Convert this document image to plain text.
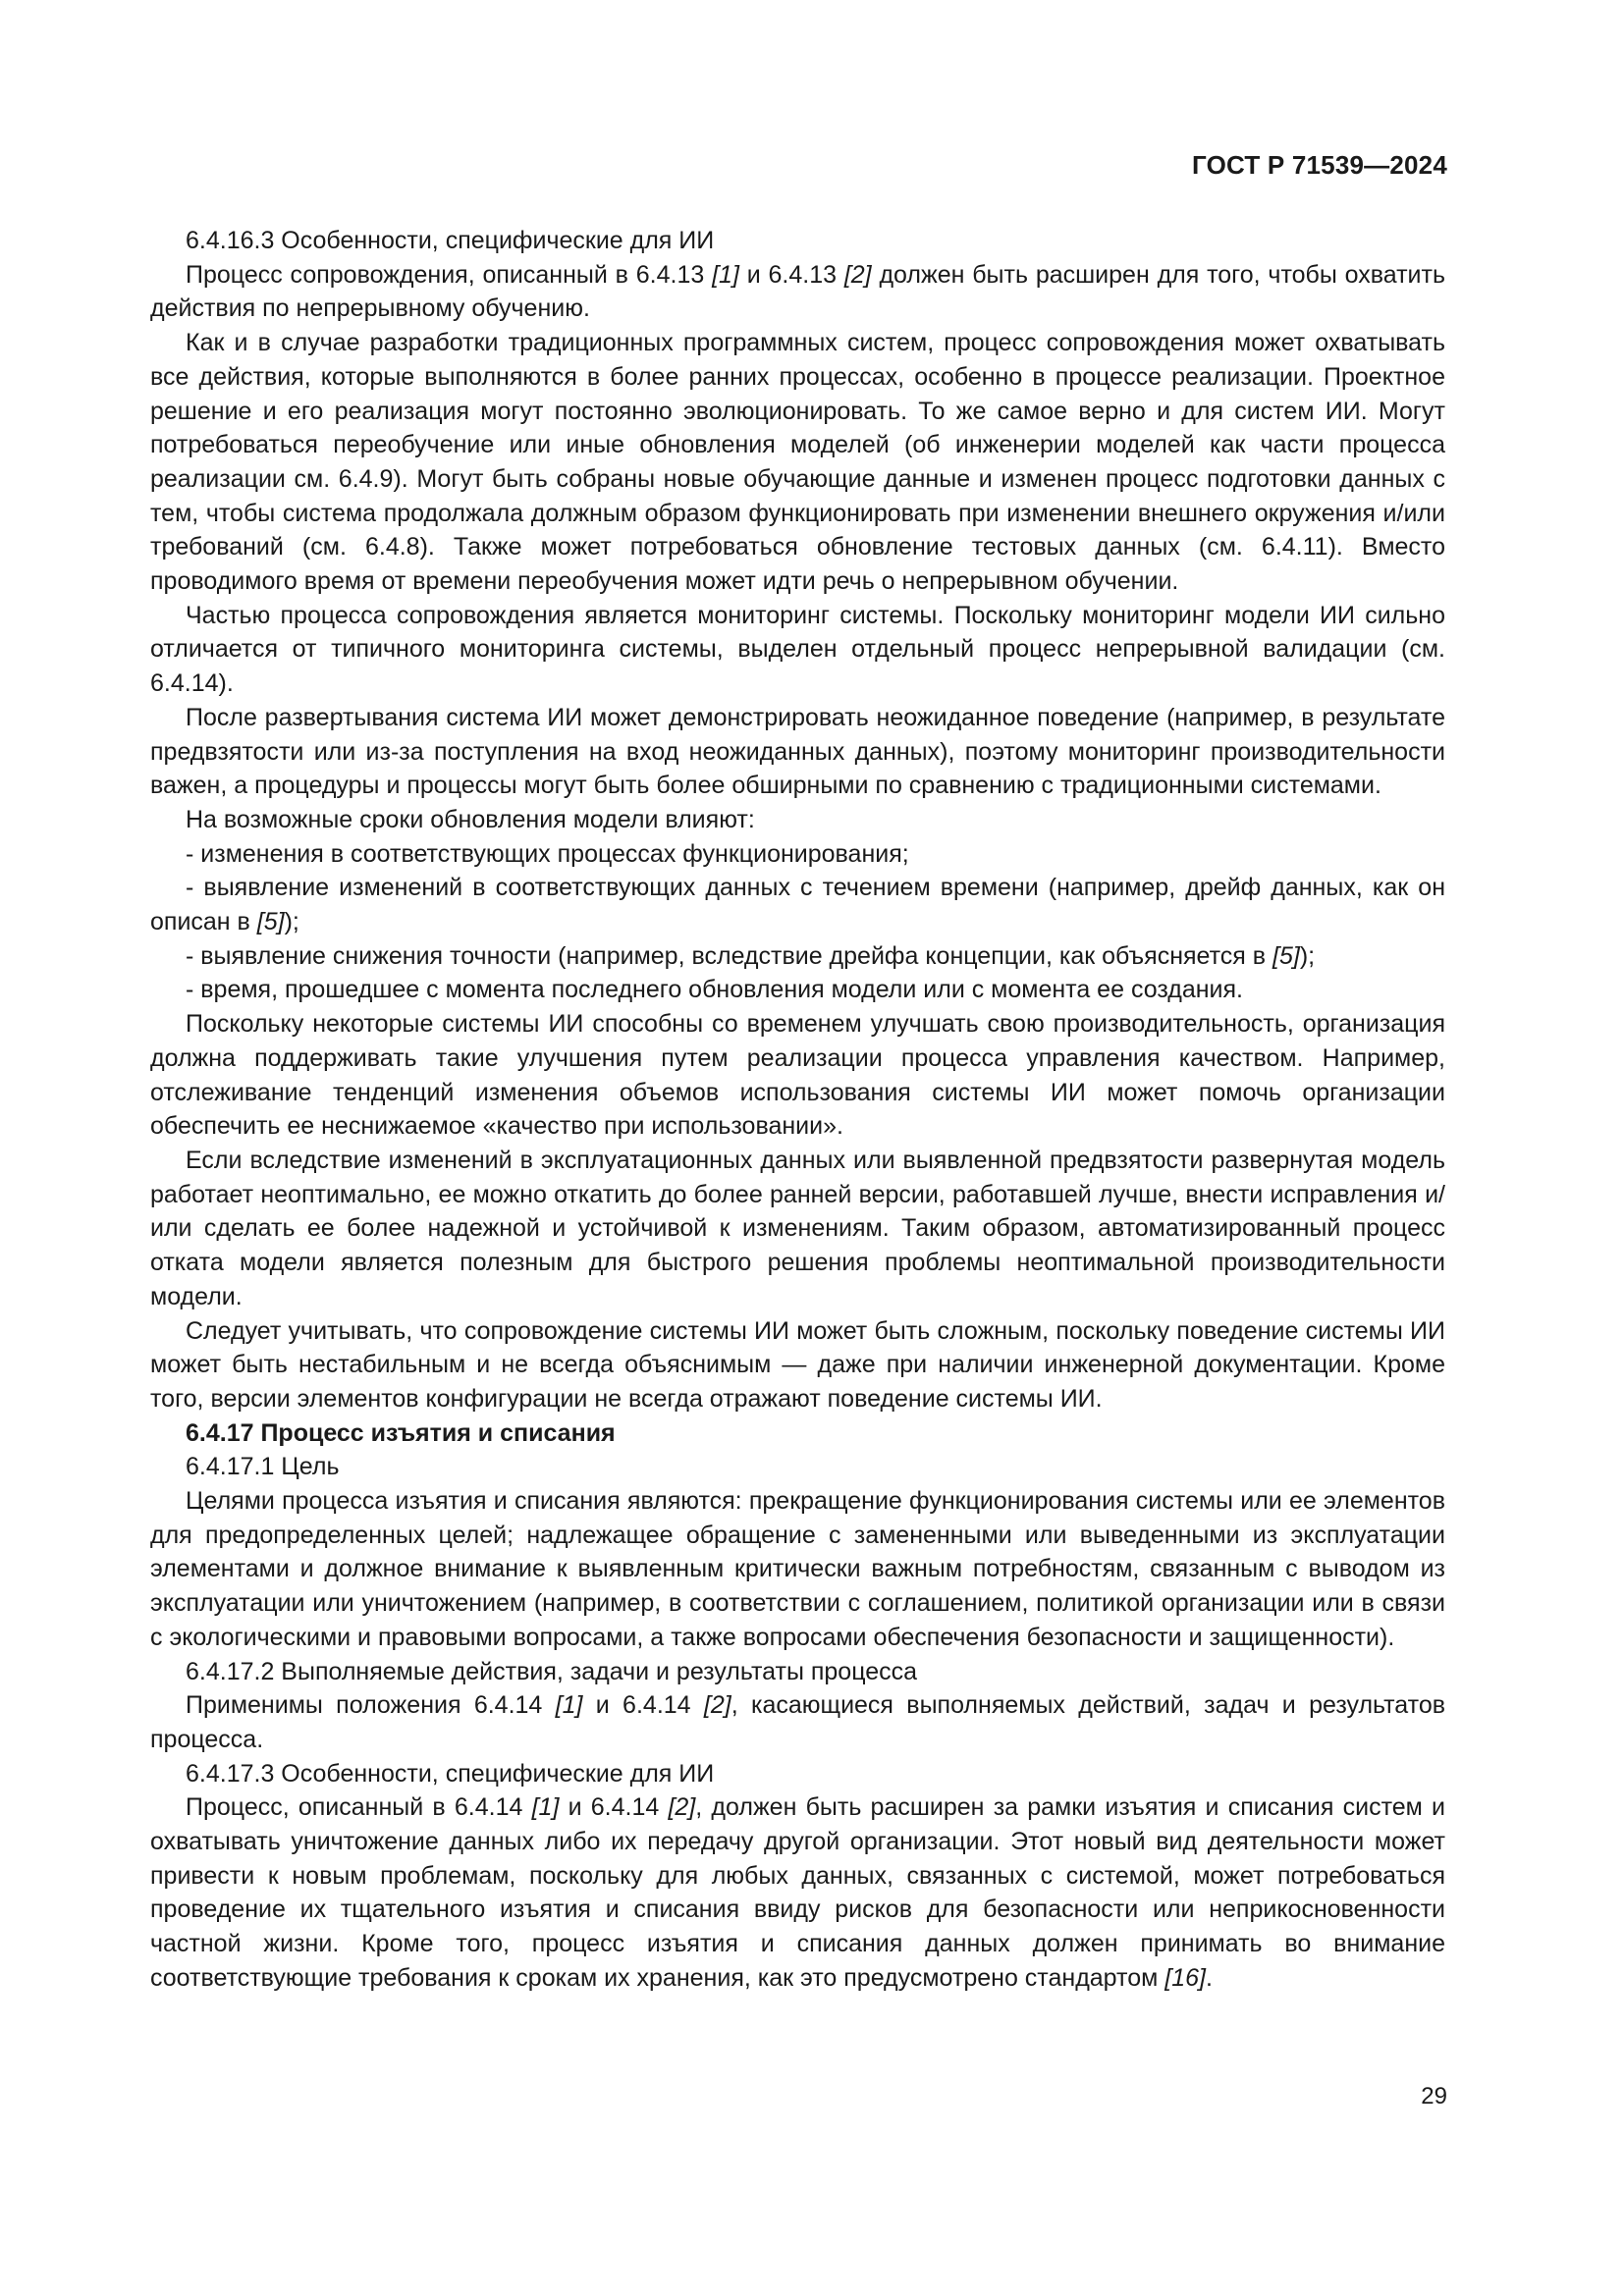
ГОСТ Р 71539—2024

6.4.16.3 Особенности, специфические для ИИ

Процесс сопровождения, описанный в 6.4.13 [1] и 6.4.13 [2] должен быть расширен для того, чтобы охватить действия по непрерывному обучению.

Как и в случае разработки традиционных программных систем, процесс сопровождения может охватывать все действия, которые выполняются в более ранних процессах, особенно в процессе реализации. Проектное решение и его реализация могут постоянно эволюционировать. То же самое верно и для систем ИИ. Могут потребоваться переобучение или иные обновления моделей (об инженерии моделей как части процесса реализации см. 6.4.9). Могут быть собраны новые обучающие данные и изменен процесс подготовки данных с тем, чтобы система продолжала должным образом функционировать при изменении внешнего окружения и/или требований (см. 6.4.8). Также может потребоваться обновление тестовых данных (см. 6.4.11). Вместо проводимого время от времени переобучения может идти речь о непрерывном обучении.

Частью процесса сопровождения является мониторинг системы. Поскольку мониторинг модели ИИ сильно отличается от типичного мониторинга системы, выделен отдельный процесс непрерывной валидации (см. 6.4.14).

После развертывания система ИИ может демонстрировать неожиданное поведение (например, в результате предвзятости или из-за поступления на вход неожиданных данных), поэтому мониторинг производительности важен, а процедуры и процессы могут быть более обширными по сравнению с традиционными системами.

На возможные сроки обновления модели влияют:

- изменения в соответствующих процессах функционирования;

- выявление изменений в соответствующих данных с течением времени (например, дрейф данных, как он описан в [5]);

- выявление снижения точности (например, вследствие дрейфа концепции, как объясняется в [5]);

- время, прошедшее с момента последнего обновления модели или с момента ее создания.

Поскольку некоторые системы ИИ способны со временем улучшать свою производительность, организация должна поддерживать такие улучшения путем реализации процесса управления качеством. Например, отслеживание тенденций изменения объемов использования системы ИИ может помочь организации обеспечить ее неснижаемое «качество при использовании».

Если вследствие изменений в эксплуатационных данных или выявленной предвзятости развернутая модель работает неоптимально, ее можно откатить до более ранней версии, работавшей лучше, внести исправления и/или сделать ее более надежной и устойчивой к изменениям. Таким образом, автоматизированный процесс отката модели является полезным для быстрого решения проблемы неоптимальной производительности модели.

Следует учитывать, что сопровождение системы ИИ может быть сложным, поскольку поведение системы ИИ может быть нестабильным и не всегда объяснимым — даже при наличии инженерной документации. Кроме того, версии элементов конфигурации не всегда отражают поведение системы ИИ.

6.4.17 Процесс изъятия и списания

6.4.17.1 Цель

Целями процесса изъятия и списания являются: прекращение функционирования системы или ее элементов для предопределенных целей; надлежащее обращение с замененными или выведенными из эксплуатации элементами и должное внимание к выявленным критически важным потребностям, связанным с выводом из эксплуатации или уничтожением (например, в соответствии с соглашением, политикой организации или в связи с экологическими и правовыми вопросами, а также вопросами обеспечения безопасности и защищенности).

6.4.17.2 Выполняемые действия, задачи и результаты процесса

Применимы положения 6.4.14 [1] и 6.4.14 [2], касающиеся выполняемых действий, задач и результатов процесса.

6.4.17.3 Особенности, специфические для ИИ

Процесс, описанный в 6.4.14 [1] и 6.4.14 [2], должен быть расширен за рамки изъятия и списания систем и охватывать уничтожение данных либо их передачу другой организации. Этот новый вид деятельности может привести к новым проблемам, поскольку для любых данных, связанных с системой, может потребоваться проведение их тщательного изъятия и списания ввиду рисков для безопасности или неприкосновенности частной жизни. Кроме того, процесс изъятия и списания данных должен принимать во внимание соответствующие требования к срокам их хранения, как это предусмотрено стандартом [16].

29
